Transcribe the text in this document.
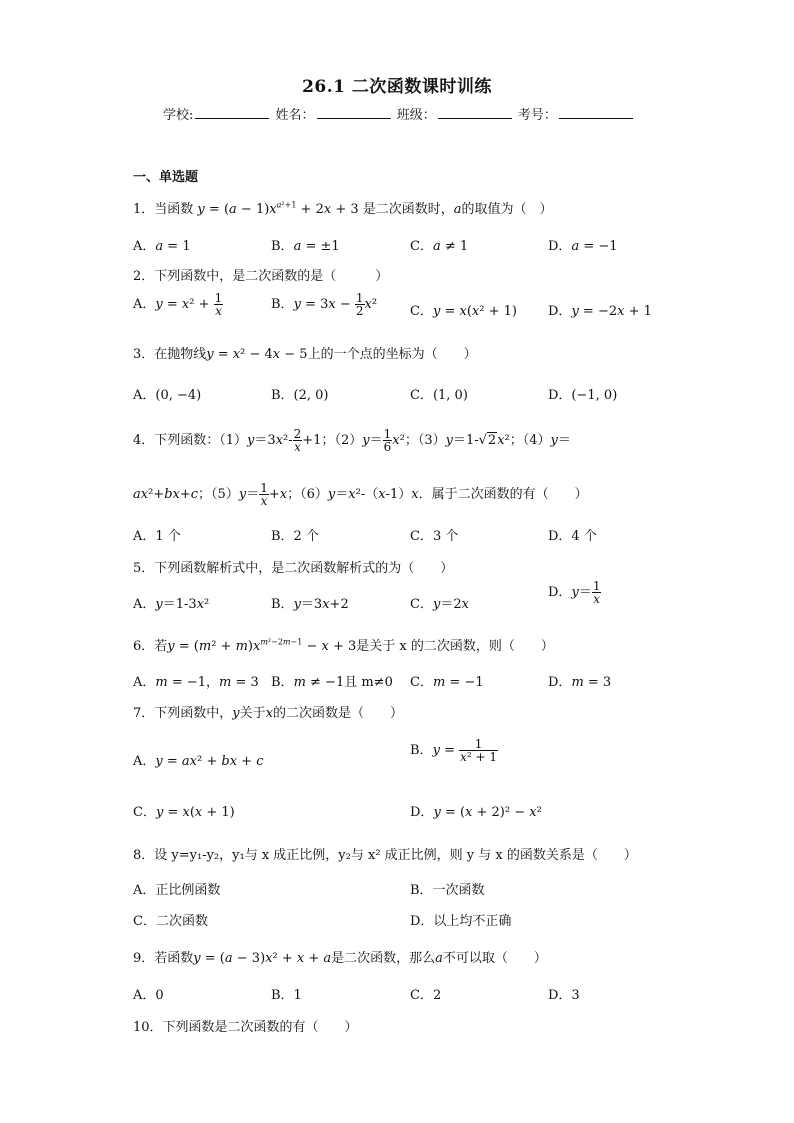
26.1 二次函数课时训练
学校:	姓名：	班级：	考号：
一、单选题
1．当函数 $y = (a - 1)x^{a^2+1} + 2x + 3$ 是二次函数时，a的取值为（　）
A．a = 1	B．a = ±1	C．a ≠ 1	D．a = −1
2．下列函数中，是二次函数的是（　　　）
A．$y = x^2 + \frac{1}{x}$	B．$y = 3x - \frac{1}{2} x^2$	C．y = x(x² + 1) D．y = −2x + 1
3．在抛物线y = x² − 4x − 5上的一个点的坐标为（　　）
A．(0, −4)	B．(2, 0)	C．(1, 0)	D．(−1, 0)
4．下列函数：$(1)y=3x^2- \frac{2}{x} +1$；$(2)y= \frac{1}{6} x^2$；（3）y＝1-√2x²；（4）y＝
ax²+bx+c；$(5)y= \frac{1}{x} +x$；（6）y＝x²-（x-1）x．属于二次函数的有（　　）
A．1 个	B．2 个	C．3 个	D．4 个
5．下列函数解析式中，是二次函数解析式的为（　　）
A．y＝1-3x²	B．y＝3x+2	C．y＝2x
D．$y= \frac{1}{x}$
6．若$y = (m^2 + m)x^{m^2-2m-1} - x + 3$是关于 x 的二次函数，则（　　）
A．m = −1，m = 3 B．m ≠ −1且 m≠0 C．m = −1	D．m = 3
7．下列函数中，y关于x的二次函数是（　　）
A．y = ax² + bx + c
B．$y = \frac{1}{\text{x² + 1}}$
C．y = x(x + 1)	D．y = (x + 2)² − x²
8．设 y=y₁-y₂，y₁与 x 成正比例，y₂与 x² 成正比例，则 y 与 x 的函数关系是（　　）
A．正比例函数	B．一次函数
C．二次函数	D．以上均不正确
9．若函数y = (a − 3)x² + x + a是二次函数，那么a不可以取（　　）
A．0	B．1	C．2	D．3
10．下列函数是二次函数的有（　　）
